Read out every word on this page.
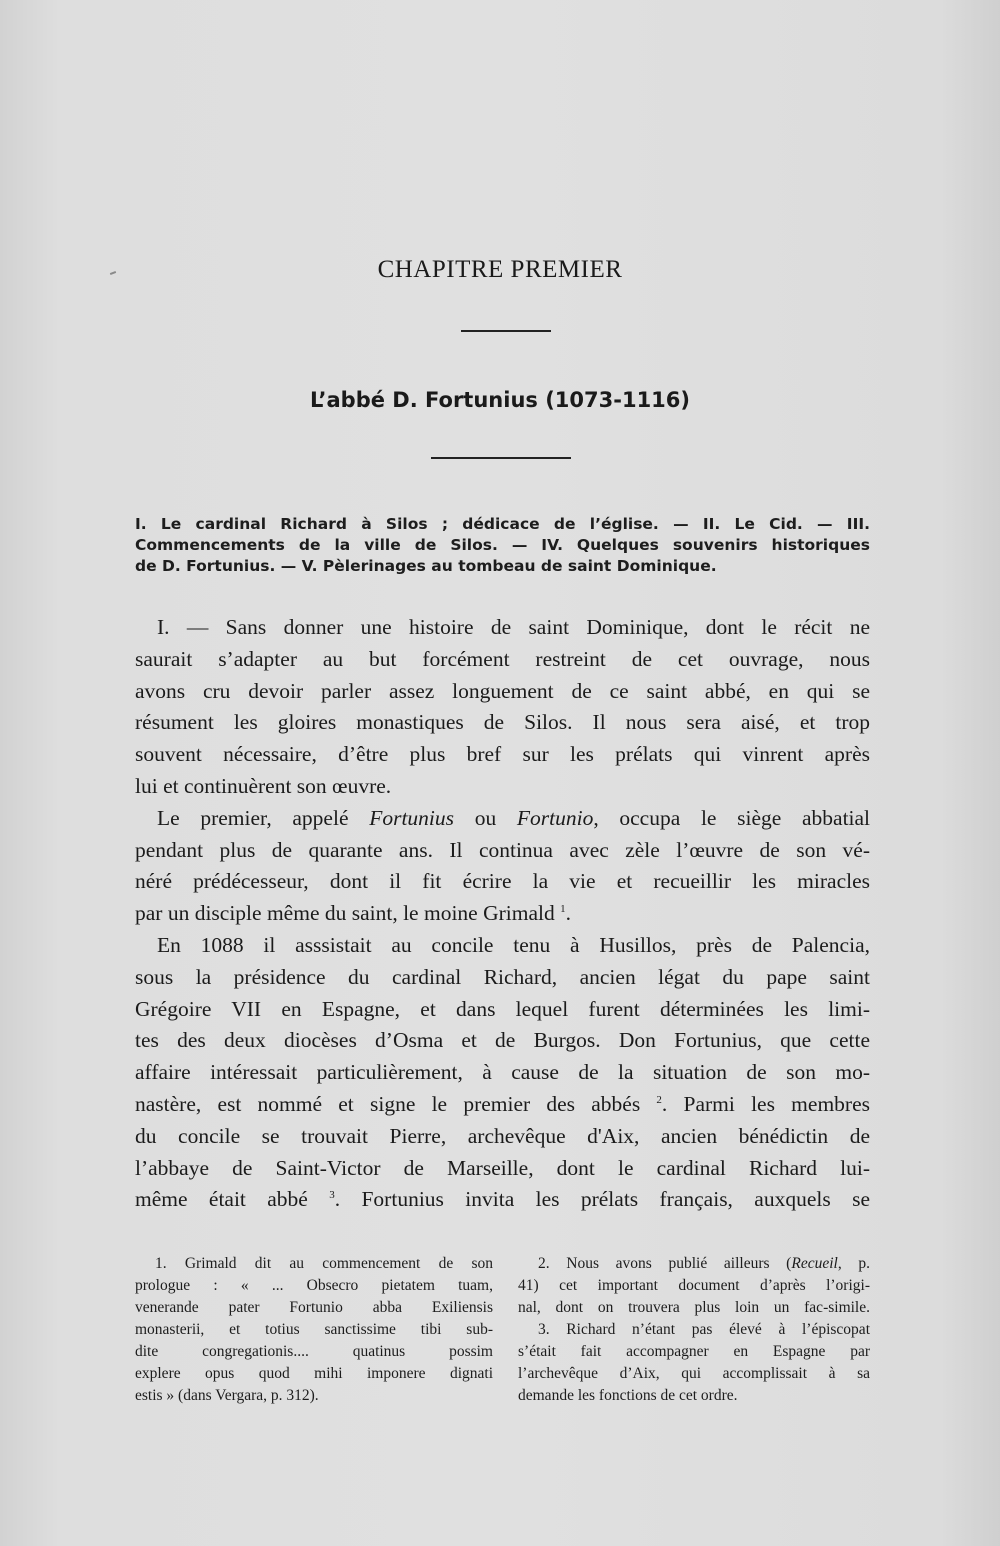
CHAPITRE PREMIER
L’abbé D. Fortunius (1073-1116)
I. Le cardinal Richard à Silos ; dédicace de l’église. — II. Le Cid. — III.
Commencements de la ville de Silos. — IV. Quelques souvenirs historiques
de D. Fortunius. — V. Pèlerinages au tombeau de saint Dominique.
I. — Sans donner une histoire de saint Dominique, dont le récit ne
saurait s’adapter au but forcément restreint de cet ouvrage, nous
avons cru devoir parler assez longuement de ce saint abbé, en qui se
résument les gloires monastiques de Silos. Il nous sera aisé, et trop
souvent nécessaire, d’être plus bref sur les prélats qui vinrent après
lui et continuèrent son œuvre.
Le premier, appelé Fortunius ou Fortunio, occupa le siège abbatial
pendant plus de quarante ans. Il continua avec zèle l’œuvre de son vé-
néré prédécesseur, dont il fit écrire la vie et recueillir les miracles
par un disciple même du saint, le moine Grimald $^1$.
En 1088 il asssistait au concile tenu à Husillos, près de Palencia,
sous la présidence du cardinal Richard, ancien légat du pape saint
Grégoire VII en Espagne, et dans lequel furent déterminées les limi-
tes des deux diocèses d’Osma et de Burgos. Don Fortunius, que cette
affaire intéressait particulièrement, à cause de la situation de son mo-
nastère, est nommé et signe le premier des abbés $^2$. Parmi les membres
du concile se trouvait Pierre, archevêque d'Aix, ancien bénédictin de
l’abbaye de Saint-Victor de Marseille, dont le cardinal Richard lui-
même était abbé $^3$. Fortunius invita les prélats français, auxquels se
1. Grimald dit au commencement de son
prologue : « ... Obsecro pietatem tuam,
venerande pater Fortunio abba Exiliensis
monasterii, et totius sanctissime tibi sub-
dite congregationis.... quatinus possim
explere opus quod mihi imponere dignati
estis » (dans Vergara, p. 312).
2. Nous avons publié ailleurs (Recueil, p.
41) cet important document d’après l’origi-
nal, dont on trouvera plus loin un fac-simile.
3. Richard n’étant pas élevé à l’épiscopat
s’était fait accompagner en Espagne par
l’archevêque d’Aix, qui accomplissait à sa
demande les fonctions de cet ordre.
